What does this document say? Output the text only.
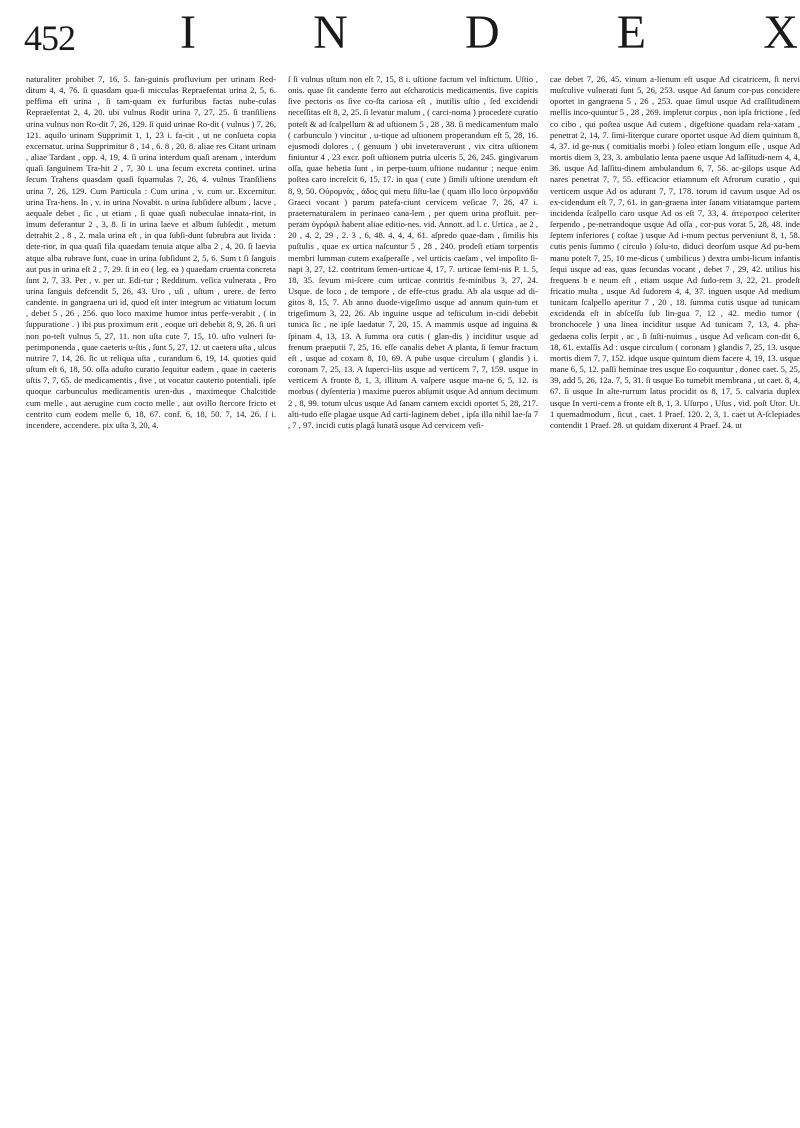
452 I N D E X

naturaliter prohibet 7, 16, 5. fan-guinis profluvium per urinam Red-ditum 4, 4, 76. ſi quasdam qua-ſi micculas Repraefentat urina 2, 5, 6. peffima eft urina , ſi tam-quam ex furfuribus factas nube-culas Repraefentat 2, 4, 20. ubi vulnus Rodit urina 7, 27, 25. ſi tranſiliens urina vulnus non Ro-dit 7, 26, 129. ſi quid urinae Ro-dit ( vulnus ) 7, 26, 121. aquilo urinam Supprimit 1, 1, 23 i. fa-cit , ut ne conſueta copia excernatur. urina Supprimitur 8 , 14 , 6. 8 , 20. 8. aliae res Citant urinam , aliae Tardant , opp. 4, 19, 4. ſi urina interdum quaſi arenam , interdum quaſi ſanguinem Tra-hit 2 , 7, 30 i. una ſecum excreta continet. urina ſecum Trahens quasdam quaſi ſquamulas 7, 26, 4. vulnus Tranſiliens urina 7, 26, 129. Cum Particula : Cum urina , v. cum ur. Excernitur. urina Tra-hens. In , v. in urina Novabit. n urina ſubſidere album , lacve , aequale debet , ſic , ut etiam , ſi quae quaſi nubeculae innata-rint, in imum deferantur 2 , 3, 8. ſi in urina laeve et album ſubſedit , metum detrahit 2 , 8 , 2. mala urina eſt , in qua ſubſi-dunt ſubrubra aut livida : dete-rior, in qua quaſi fila quaedam tenuia atque alba 2 , 4, 20. ſi laevia atque alba rubrave ſunt, cuae in urina ſubſidunt 2, 5, 6. Sum t ſi ſanguis aut pus in urina eſt 2 , 7, 29. ſi in eo ( leg. ea ) quaedam cruenta concreta ſunt 2, 7, 33. Per , v. per ur. Edi-tur ; Redditum. veſica vulnerata , Pro urina ſanguis defcendit 5, 26, 43. Uro , uſi , uſtum , urere. de ferro candente. in gangraena uri id, quod eſt inter integrum ac vitiatum locum , debet 5 , 26 , 256. quo loco maxime humor intus perfe-verabit , ( in ſuppuratione . ) ibi pus proximum erit , eoque uri debebit 8, 9, 26. ſi uri non po-teſt vulnus 5, 27, 11. non uſta cute 7, 15, 10. uſto vulneri ſu-perimponenda , quae caeteris u-ſtis , ſunt 5, 27, 12. ut caetera uſta , ulcus nutrire 7, 14, 26. ſic ut reliqua uſta , curandum 6, 19, 14. quoties quid uſtum eſt 6, 18, 50. oſſa aduſto curatio ſequitur eadem , quae in caeteris uſtis 7, 7, 65. de medicamentis , ſive , ut vocatur cauterio potentiali. ipſe quoque carbunculus medicamentis uren-dus , maximeque Chalcitide cum melle , aut aerugine cum cocto melle , aut ovillo ſtercore fricto et centrito cum eodem melle 6, 18, 67. conf. 6, 18, 50. 7, 14, 26. ſ i. incendere, accendere. pix uſta 3, 20, 4.

ſ ſi vulnus uſtum non eſt 7, 15, 8 i. uſtione factum vel inſtictum. Uſtio , onis. quae ſit candente ferro aut eſcharoticis medicamentis. ſive capitis ſive pectoris os ſive co-ſta cariosa eſt , inutilis uſtio , ſed excidendi neceſſitas eſt 8, 2, 25. ſi levatur malum , ( carci-noma ) procedere curatio poteſt & ad ſcalpellum & ad uſtionem 5 , 28 , 38. ſi medicamentum malo ( carbunculo ) vincitur , u-tique ad uſtionem properandum eſt 5, 28, 16. ejusmodi dolores , ( genuum ) ubi inveteraverunt , vix citra uſtionem finiuntur 4 , 23 excr. poſt uſtionem putria ulceris 5, 26, 245. gingivarum oſſa, quae hebetia ſunt , in perpe-tuum uſtione nudantur ; neque enim poſtea caro increſcit 6, 15, 17. in qua ( cute ) ſimili uſtione utendum eſt 8, 9, 50. Οὐρομνὰς , ἀδος qui metu ſiſtu-lae ( quam illo loco ὑερομνάδα Graeci vocant ) parum patefa-ciunt cervicem veſicae 7, 26, 47 i. praeternaturalem in perinaeo cana-lem , per quem urina profluit. per-peram ὑγρόφιλ habent aliae editio-nes. vid. Annott. ad l. c. Urtica , ae 2 , 20 , 4. 2, 29 , 2. 3 , 6, 48. 4, 4, 4, 61. aſpredo quae-dam , ſimilis his puſtulis , quae ex urtica naſcuntur 5 , 28 , 240. prodeſt etiam torpentis membri lumman cutem exaſperaſſe , vel urticis caeſam , vel impoſito ſi-napi 3, 27, 12. contritum ſemen-urticae 4, 17, 7. urticae ſemi-nis P. 1. 5, 18, 35. ſevum mi-ſcere cum urticae contritis fe-minibus 3, 27, 24. Usque. de loco , de tempore , de effe-ctus gradu. Ab ala usque ad di-gitos 8, 15, 7. Ab anno duode-vigeſimo usque ad annum quin-tum et trigeſimum 3, 22, 26. Ab inguine usque ad teſticulum in-cidi debebit tunica ſic , ne ipſe laedatur 7, 20, 15. A mammis usque ad inguina & ſpinam 4, 13, 13. A ſumma ora cutis ( glan-dis ) inciditur usque ad frenum praeputii 7, 25, 16. eſſe canalis debet A planta, ſi ſemur fractum eſt , usque ad coxam 8, 10, 69. A pube usque circulum ( glandis ) i. coronam 7, 25, 13. A ſuperci-liis usque ad verticem 7, 7, 159. usque in verticem A fronte 8, 1, 3, illitum A vaſpere usque ma-ne 6, 5, 12. is morbus ( dyſenteria ) maxime pueros abſumit usque Ad annum decimum 2 , 8, 99. totum ulcus usque Ad ſanam carnem excidi oportet 5, 28, 217. alti-tudo eſſe plagae usque Ad carti-laginem debet , ipſa illa nihil lae-ſa 7 , 7 , 97. incidi cutis plagā lunatā usque Ad cervicem veſi-

cae debet 7, 26, 45. vinum a-lienum eſt usque Ad cicatricem, ſi nervi muſculive vulnerati ſunt 5, 26, 253. usque Ad ſanum cor-pus concidere oportet in gangraena 5 , 26 , 253. quae ſimul usque Ad craſſitudinem mellis inco-quuntur 5 , 28 , 269. impletur corpus , non ipſa frictione , ſed co cibo , qui poſtea usque Ad cutem , digeſtione quadam rela-xatam , penetrat 2, 14, 7. ſimi-literque curare oportet usque Ad diem quintum 8, 4, 37. id ge-nus ( comitialis morbi ) ſoleo etiam longum eſſe , usque Ad mortis diem 3, 23, 3. ambulatio lenta paene usque Ad laſſitudi-nem 4, 4, 36. usque Ad laſſitu-dinem ambulandum 6, 7, 56. ac-gilops usque Ad nares penetrat 7, 7, 55. efficacior etiamnum eſt Afrorum curatio , qui verticem usque Ad os adurant 7, 7, 178. torum id cavum usque Ad os ex-cidendum eſt 7, 7, 61. in gan-graena inter ſanam vitiatamque partem incidenda ſcalpello caro usque Ad os eſt 7, 33, 4. ἀτεροτροσ celeriter ſerpendo , pe-netrandoque usque Ad oſſa , cor-pus vorat 5, 28, 48. inde ſeptem inferiores ( coſtae ) usque Ad i-mum pectus perveniunt 8, 1, 58. cutis penis ſummo ( circulo ) ſolu-to, diduci deorſum usque Ad pu-bem manu poteſt 7, 25, 10 me-dicus ( umbilicus ) dextra umbi-licum infantis ſequi usque ad eas, quas ſecundas vocant , debet 7 , 29, 42. utilius his frequens b e neum eſt , etiam usque Ad ſudo-rem 3, 22, 21. prodeſt fricatio multa , usque Ad ſudorem 4, 4, 37. inguen usque Ad medium tunicam ſcalpello aperitur 7 , 20 , 18. ſumma cutis usque ad tunicam excidenda eſt in abſceſſu ſub lin-gua 7, 12 , 42. medio tumor ( bronchocele ) una linea inciditur usque Ad tunicam 7, 13, 4. pha-gedaena colis ſerpit , ac , ſi ſuſti-nuimus , usque Ad veſicam con-dit 6, 18, 61. extaſſis Ad : usque circulum ( coronam ) glandis 7, 25, 13. usque mortis diem 7, 7, 152. idque usque quintum diem facere 4, 19, 13. usque mane 6, 5, 12. paſſi heminae tres usque Eo coquuntur , donec caet. 5, 25, 39, add 5, 26, 12a. 7, 5, 31. ſi usque Eo tumebit membrana , ut caet. 8, 4, 67. ſi usque In alte-rurrum latus procidit os 8, 17, 5. calvaria duplex usque In verti-cem a fronte eſt 8, 1, 3. Uſurpo , Uſus , vid. poſt Utor. Ut. 1 quemadmodum , ſicut , caet. 1 Praef. 120. 2, 3, 1. caet ut A-ſclepiades contendit 1 Praef. 28. ut quidam dixerunt 4 Praef. 24. ut
